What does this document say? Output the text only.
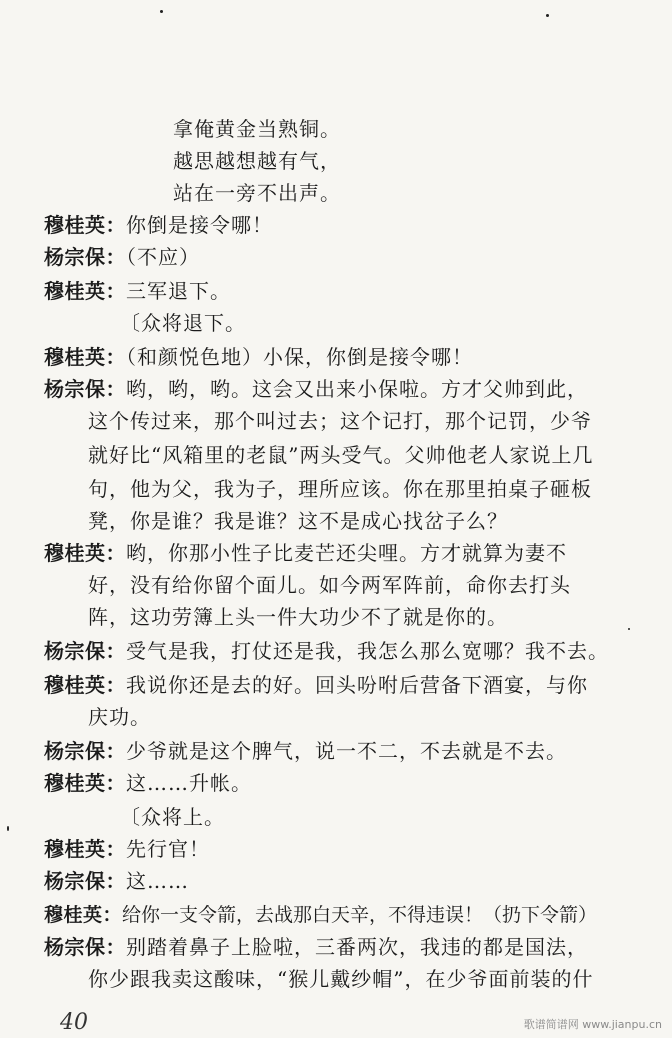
拿俺黄金当熟铜。
越思越想越有气，
站在一旁不出声。
穆桂英：你倒是接令哪！
杨宗保：（不应）
穆桂英：三军退下。
〔众将退下。
穆桂英：（和颜悦色地）小保，你倒是接令哪！
杨宗保：哟，哟，哟。这会又出来小保啦。方才父帅到此，
这个传过来，那个叫过去；这个记打，那个记罚，少爷
就好比“风箱里的老鼠”两头受气。父帅他老人家说上几
句，他为父，我为子，理所应该。你在那里拍桌子砸板
凳，你是谁？我是谁？这不是成心找岔子么？
穆桂英：哟，你那小性子比麦芒还尖哩。方才就算为妻不
好，没有给你留个面儿。如今两军阵前，命你去打头
阵，这功劳簿上头一件大功少不了就是你的。
杨宗保：受气是我，打仗还是我，我怎么那么宽哪？我不去。
穆桂英：我说你还是去的好。回头吩咐后营备下酒宴，与你
庆功。
杨宗保：少爷就是这个脾气，说一不二，不去就是不去。
穆桂英：这……升帐。
〔众将上。
穆桂英：先行官！
杨宗保：这……
穆桂英：给你一支令箭，去战那白天辛，不得违误！（扔下令箭）
杨宗保：别踏着鼻子上脸啦，三番两次，我违的都是国法，
你少跟我卖这酸味，“猴儿戴纱帽”，在少爷面前装的什
40	歌谱简谱网 www.jianpu.cn
